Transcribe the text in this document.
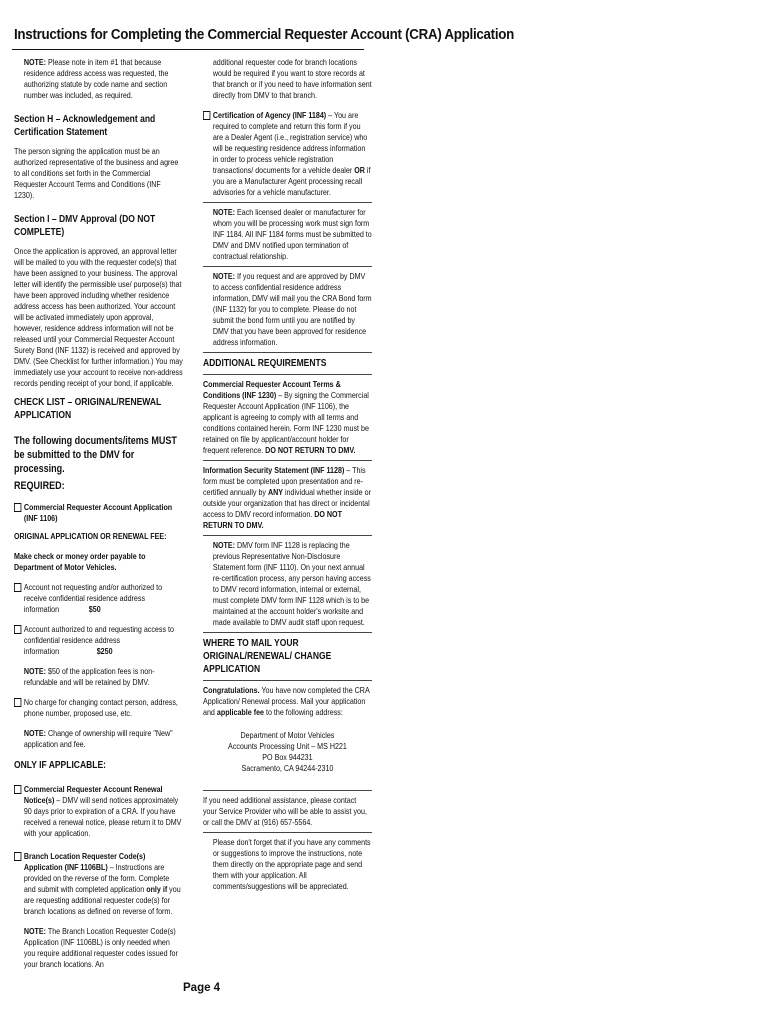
Instructions for Completing the Commercial Requester Account (CRA) Application

NOTE: Please note in item #1 that because residence address access was requested, the authorizing statute by code name and section number was included, as required.

Section H – Acknowledgement and Certification Statement

The person signing the application must be an authorized representative of the business and agree to all conditions set forth in the Commercial Requester Account Terms and Conditions (INF 1230).

Section I – DMV Approval (DO NOT COMPLETE)

Once the application is approved, an approval letter will be mailed to you with the requester code(s) that have been assigned to your business. The approval letter will identify the permissible use/ purpose(s) that have been approved including whether residence address access has been authorized. Your account will be activated immediately upon approval, however, residence address information will not be released until your Commercial Requester Account Surety Bond (INF 1132) is received and approved by DMV. (See Checklist for further information.) You may immediately use your account to receive non-address records pending receipt of your bond, if applicable.

CHECK LIST – ORIGINAL/RENEWAL APPLICATION
The following documents/items MUST be submitted to the DMV for processing.
REQUIRED:

Commercial Requester Account Application (INF 1106)

ORIGINAL APPLICATION OR RENEWAL FEE:

Make check or money order payable to Department of Motor Vehicles.

Account not requesting and/or authorized to receive confidential residence address information	$50

Account authorized to and requesting access to confidential residence address information	$250

NOTE: $50 of the application fees is non-refundable and will be retained by DMV.

No charge for changing contact person, address, phone number, proposed use, etc.

NOTE: Change of ownership will require "New" application and fee.

ONLY IF APPLICABLE:

Commercial Requester Account Renewal Notice(s) – DMV will send notices approximately 90 days prior to expiration of a CRA. If you have received a renewal notice, please return it to DMV with your application.

Branch Location Requester Code(s) Application (INF 1106BL) – Instructions are provided on the reverse of the form. Complete and submit with completed application only if you are requesting additional requester code(s) for branch locations as defined on reverse of form.

NOTE: The Branch Location Requester Code(s) Application (INF 1106BL) is only needed when you require additional requester codes issued for your branch locations. An

additional requester code for branch locations would be required if you want to store records at that branch or if you need to have information sent directly from DMV to that branch.

Certification of Agency (INF 1184) – You are required to complete and return this form if you are a Dealer Agent (i.e., registration service) who will be requesting residence address information in order to process vehicle registration transactions/ documents for a vehicle dealer OR if you are a Manufacturer Agent processing recall advisories for a vehicle manufacturer.

NOTE: Each licensed dealer or manufacturer for whom you will be processing work must sign form INF 1184. All INF 1184 forms must be submitted to DMV and DMV notified upon termination of contractual relationship.

NOTE: If you request and are approved by DMV to access confidential residence address information, DMV will mail you the CRA Bond form (INF 1132) for you to complete. Please do not submit the bond form until you are notified by DMV that you have been approved for residence address information.

ADDITIONAL REQUIREMENTS

Commercial Requester Account Terms & Conditions (INF 1230) – By signing the Commercial Requester Account Application (INF 1106), the applicant is agreeing to comply with all terms and conditions contained herein. Form INF 1230 must be retained on file by applicant/account holder for frequent reference. DO NOT RETURN TO DMV.

Information Security Statement (INF 1128) – This form must be completed upon presentation and re-certified annually by ANY individual whether inside or outside your organization that has direct or incidental access to DMV record information. DO NOT RETURN TO DMV.

NOTE: DMV form INF 1128 is replacing the previous Representative Non-Disclosure Statement form (INF 1110). On your next annual re-certification process, any person having access to DMV record information, internal or external, must complete DMV form INF 1128 which is to be maintained at the account holder's worksite and made available to DMV audit staff upon request.

WHERE TO MAIL YOUR ORIGINAL/RENEWAL/ CHANGE APPLICATION

Congratulations. You have now completed the CRA Application/ Renewal process. Mail your application and applicable fee to the following address:

Department of Motor Vehicles

Accounts Processing Unit – MS H221

PO Box 944231

Sacramento, CA 94244-2310

If you need additional assistance, please contact your Service Provider who will be able to assist you, or call the DMV at (916) 657-5564.

Please don't forget that if you have any comments or suggestions to improve the instructions, note them directly on the appropriate page and send them with your application. All comments/suggestions will be appreciated.

Page 4
